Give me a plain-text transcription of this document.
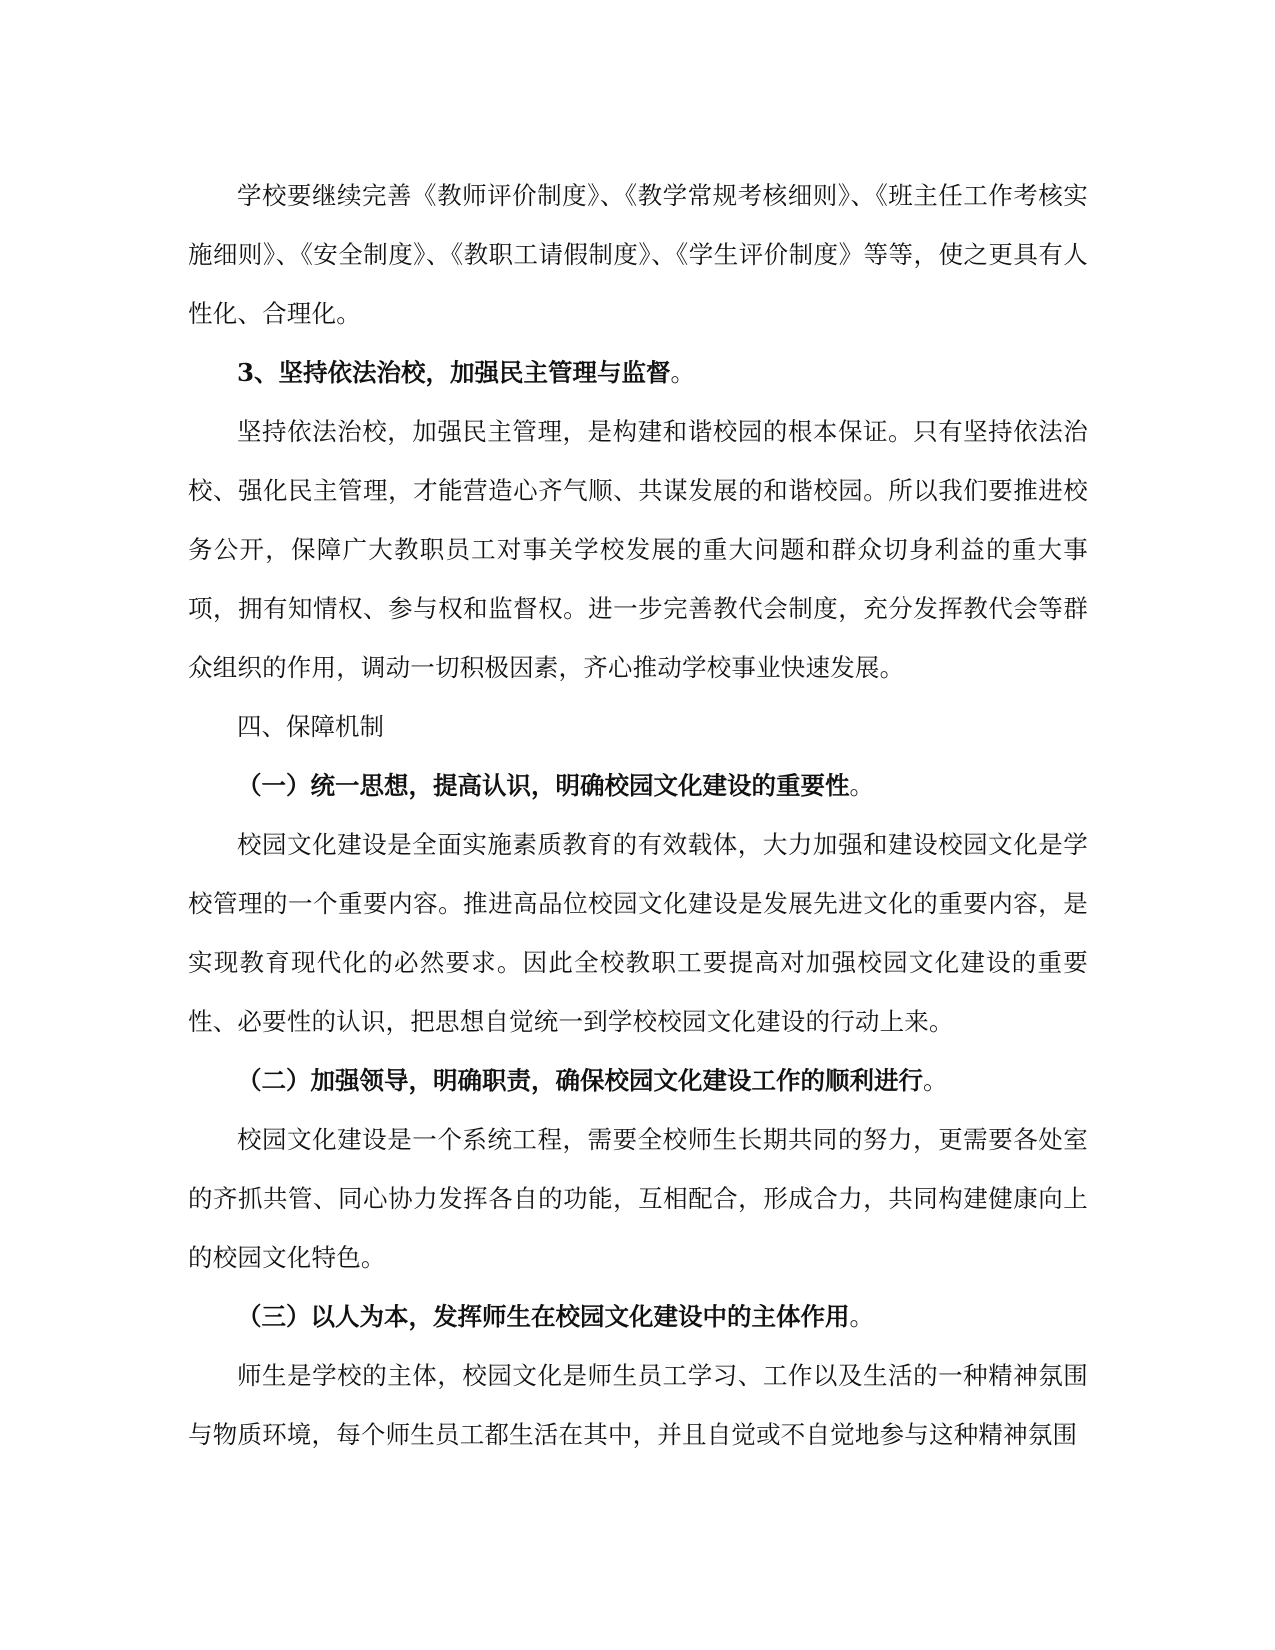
学校要继续完善《教师评价制度》、《教学常规考核细则》、《班主任工作考核实施细则》、《安全制度》、《教职工请假制度》、《学生评价制度》等等，使之更具有人性化、合理化。

3、坚持依法治校，加强民主管理与监督。

坚持依法治校，加强民主管理，是构建和谐校园的根本保证。只有坚持依法治校、强化民主管理，才能营造心齐气顺、共谋发展的和谐校园。所以我们要推进校务公开，保障广大教职员工对事关学校发展的重大问题和群众切身利益的重大事项，拥有知情权、参与权和监督权。进一步完善教代会制度，充分发挥教代会等群众组织的作用，调动一切积极因素，齐心推动学校事业快速发展。

四、保障机制

（一）统一思想，提高认识，明确校园文化建设的重要性。

校园文化建设是全面实施素质教育的有效载体，大力加强和建设校园文化是学校管理的一个重要内容。推进高品位校园文化建设是发展先进文化的重要内容，是实现教育现代化的必然要求。因此全校教职工要提高对加强校园文化建设的重要性、必要性的认识，把思想自觉统一到学校校园文化建设的行动上来。

（二）加强领导，明确职责，确保校园文化建设工作的顺利进行。

校园文化建设是一个系统工程，需要全校师生长期共同的努力，更需要各处室的齐抓共管、同心协力发挥各自的功能，互相配合，形成合力，共同构建健康向上的校园文化特色。

（三）以人为本，发挥师生在校园文化建设中的主体作用。

师生是学校的主体，校园文化是师生员工学习、工作以及生活的一种精神氛围与物质环境，每个师生员工都生活在其中，并且自觉或不自觉地参与这种精神氛围
